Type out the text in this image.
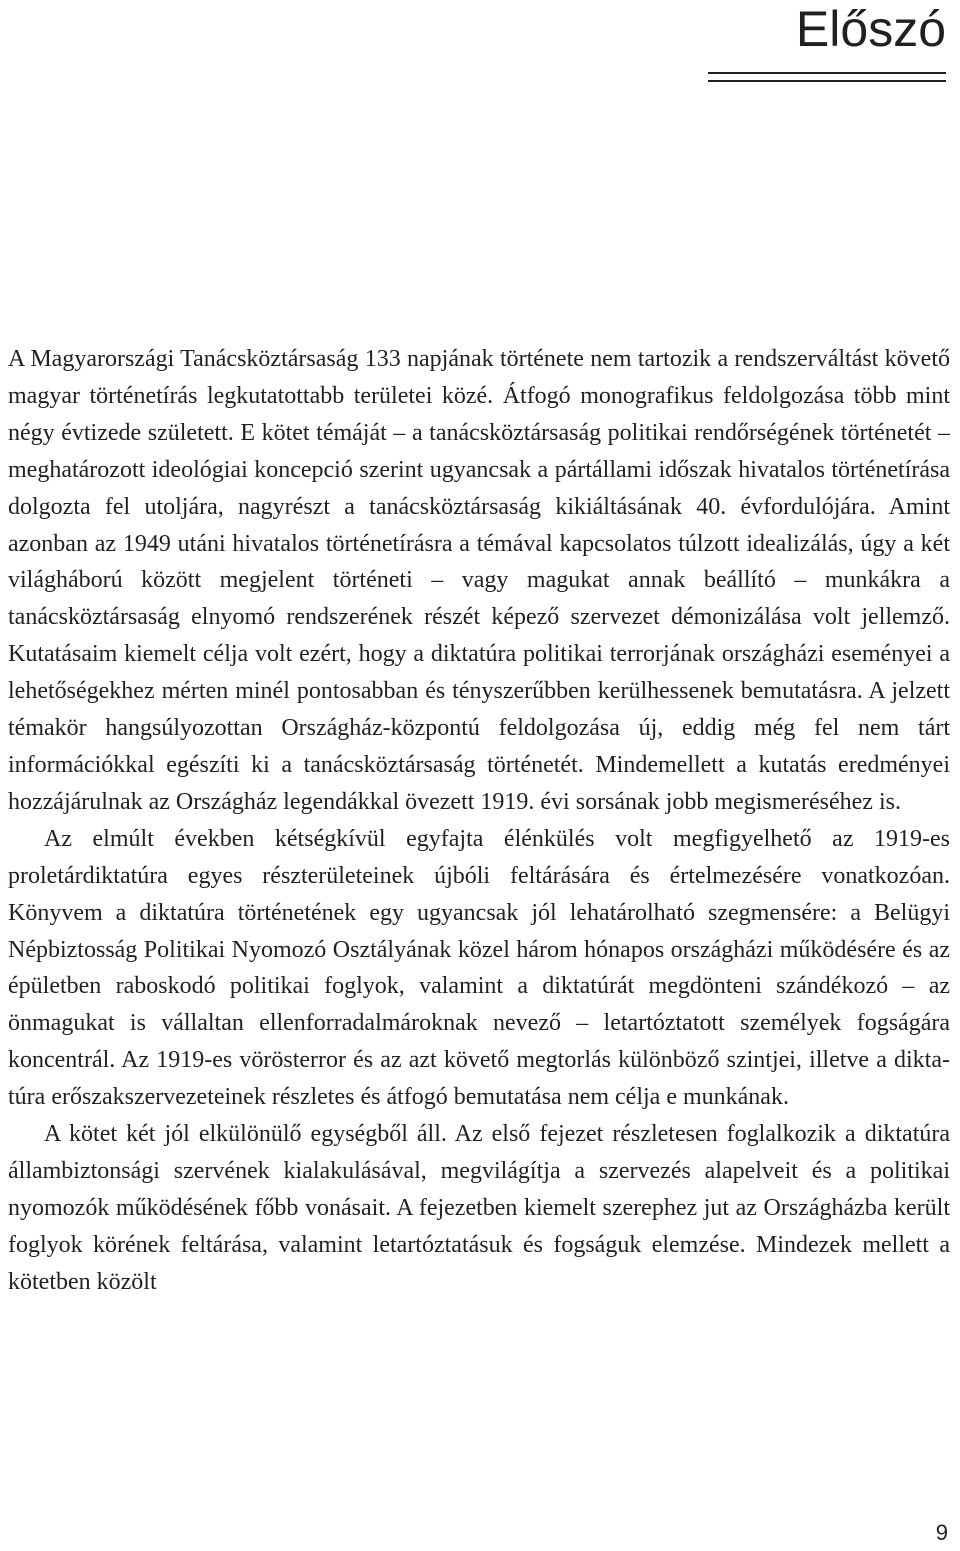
Előszó

A Magyarországi Tanácsköztársaság 133 napjának története nem tartozik a rendszerváltást követő magyar történetírás legkutatottabb területei közé. Átfogó monografikus feldolgozása több mint négy évtizede született. E kötet témáját – a tanácsköztársaság politikai rendőrségének történetét – meghatározott ideológiai koncepció szerint ugyancsak a pártállami időszak hivatalos történetírása dolgozta fel utoljára, nagyrészt a tanácsköztársaság kikiáltásának 40. évfordulójára. Amint azonban az 1949 utáni hivatalos történetírásra a témával kapcsolatos túlzott idealizálás, úgy a két világháború között megjelent történeti – vagy magukat annak beállító – munkákra a tanácsköztársaság elnyomó rendszerének részét képező szervezet démonizálása volt jellemző. Kutatásaim kiemelt célja volt ezért, hogy a diktatúra politikai terrorjának országházi eseményei a lehetőségekhez mérten minél pontosabban és tényszerűbben kerülhessenek bemutatásra. A jelzett témakör hangsúlyozottan Országház-központú feldolgozása új, eddig még fel nem tárt információkkal egészíti ki a tanácsköztársaság történetét. Mindemellett a kutatás eredményei hozzájárulnak az Országház legendákkal övezett 1919. évi sorsának jobb megismeréséhez is.

Az elmúlt években kétségkívül egyfajta élénkülés volt megfigyelhető az 1919-es proletárdiktatúra egyes részterületeinek újbóli feltárására és értelmezésére vonatkozóan. Könyvem a diktatúra történetének egy ugyancsak jól lehatárolható szegmensére: a Belügyi Népbiztosság Politikai Nyomozó Osztályának közel három hónapos országházi működésére és az épületben raboskodó politikai foglyok, valamint a diktatúrát megdönteni szándékozó – az önmagukat is vállaltan ellenforradalmároknak nevező – letartóztatott személyek fogságára koncentrál. Az 1919-es vörösterror és az azt követő megtorlás különböző szintjei, illetve a diktatúra erőszakszervezeteinek részletes és átfogó bemutatása nem célja e munkának.

A kötet két jól elkülönülő egységből áll. Az első fejezet részletesen foglalkozik a diktatúra állambiztonsági szervének kialakulásával, megvilágítja a szervezés alapelveit és a politikai nyomozók működésének főbb vonásait. A fejezetben kiemelt szerephez jut az Országházba került foglyok körének feltárása, valamint letartóztatásuk és fogságuk elemzése. Mindezek mellett a kötetben közölt

9
